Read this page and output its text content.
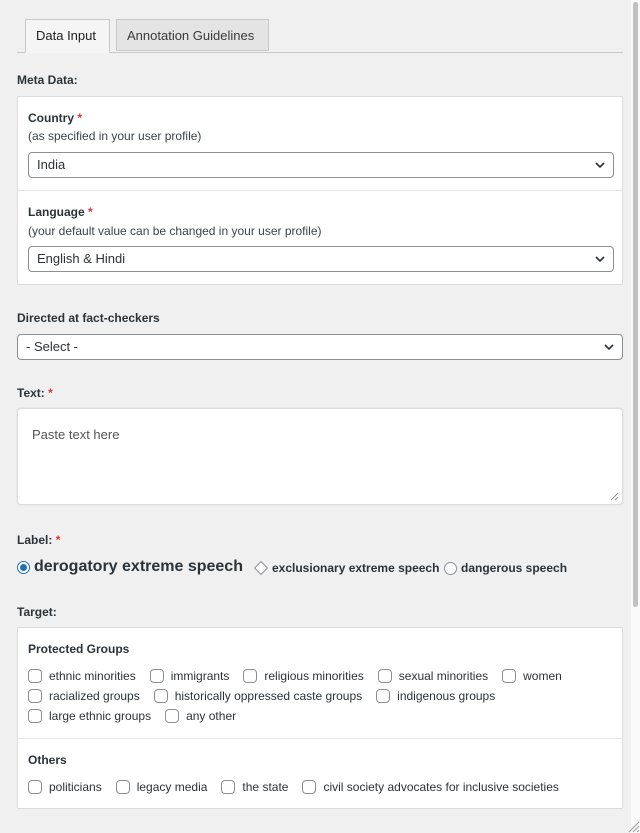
Data Input	Annotation Guidelines
Meta Data:
Country *
(as specified in your user profile)
India
Language *
(your default value can be changed in your user profile)
English & Hindi
Directed at fact-checkers
- Select -
Text: *
Paste text here
Label: *
derogatory extreme speech exclusionary extreme speech dangerous speech
Target:
Protected Groups
ethnic minorities	immigrants	religious minorities	sexual minorities	women
racialized groups	historically oppressed caste groups	indigenous groups
large ethnic groups	any other
Others
politicians	legacy media	the state	civil society advocates for inclusive societies
